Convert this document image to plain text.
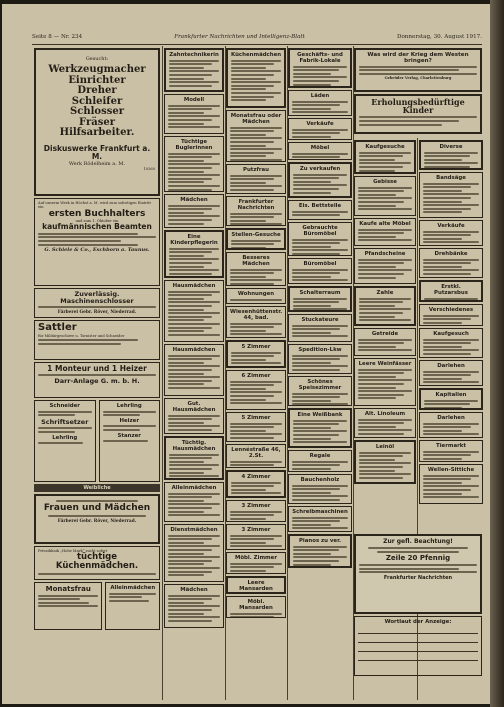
Seite 8 — Nr. 234	Frankfurter Nachrichten und Intelligenz-Blatt	Donnerstag, 30. August 1917.
Gesucht:
Werkzeugmacher
Einrichter
Dreher
Schleifer
Schlosser
Fräser
Hilfsarbeiter.
Diskuswerke Frankfurt a. M.
Werk Rödelheim a. M.
10260
Auf unserm Werk in Höchst a. M. wird zum sofortigen Eintritt ein
ersten Buchhalters
und zum 1. Oktober ein
kaufmännischen Beamten
G. Schiele & Co., Eschborn a. Taunus.
Zuverlässig. Maschinenschlosser
Färberei Gebr. Röver, Niederrad.
Sattler
für Militärgeschirre u. Tornister und Schneider
1 Monteur und 1 Heizer
Darr-Anlage G. m. b. H.
Schneider
Schriftsetzer
Lehrling
Lehrling
Heizer
Stanzer
Weibliche
Frauen und Mädchen
Färberei Gebr. Röver, Niederrad.
Privatklinik „Hohe Mark“ sucht sofort
tüchtige Küchenmädchen.
Monatsfrau	Alleinmädchen
Zahntechnikerin
Modell
Tüchtige Buglerinnen
Mädchen
Eine Kinderpflegerin
Hausmädchen
Hausmädchen
Gut. Hausmädchen
Tüchtig. Hausmädchen
Alleinmädchen
Dienstmädchen
Mädchen
Küchenmädchen
Monatsfrau oder Mädchen
Putzfrau
Frankfurter Nachrichten
Stellen-Gesuche
Besseres Mädchen
Wohnungen
Wiesenhüttenstr. 44, bad.
5 Zimmer
6 Zimmer
5 Zimmer
Lennéstraße 46, 2.St.
4 Zimmer
3 Zimmer
3 Zimmer
Möbl. Zimmer
Leere Mansarden
Möbl. Mansarden
Geschäfts- und Fabrik-Lokale
Läden
Verkäufe
Möbel
Zu verkaufen
Eis. Bettstelle
Gebrauchte Büromöbel
Büromöbel
Schalterraum
Stuckateure
Spedition-Lkw
Schönes Speisezimmer
Eine Weißbank
Regale
Bauchenholz
Schreibmaschinen
Pianos zu ver.
Was wird der Krieg dem Westen bringen?
Gebrüder Verlag, Charlottenburg
Erholungsbedürftige Kinder
Kaufgesuche
Gebisse
Kaufe alte Möbel
Pfandscheine
Zahle
Getreide
Leere Weinfässer
Alt. Linoleum
Leinöl
Diverse
Bandsäge
Verkäufe
Drehbänke
Erstkl. Putzarsbus
Verschiedenes
Kaufgesuch
Darlehen
Kapitalien
Darlehen
Tiermarkt
Wellen-Sittiche
Zur gefl. Beachtung!
Zeile 20 Pfennig
Frankfurter Nachrichten
Wortlaut der Anzeige:
